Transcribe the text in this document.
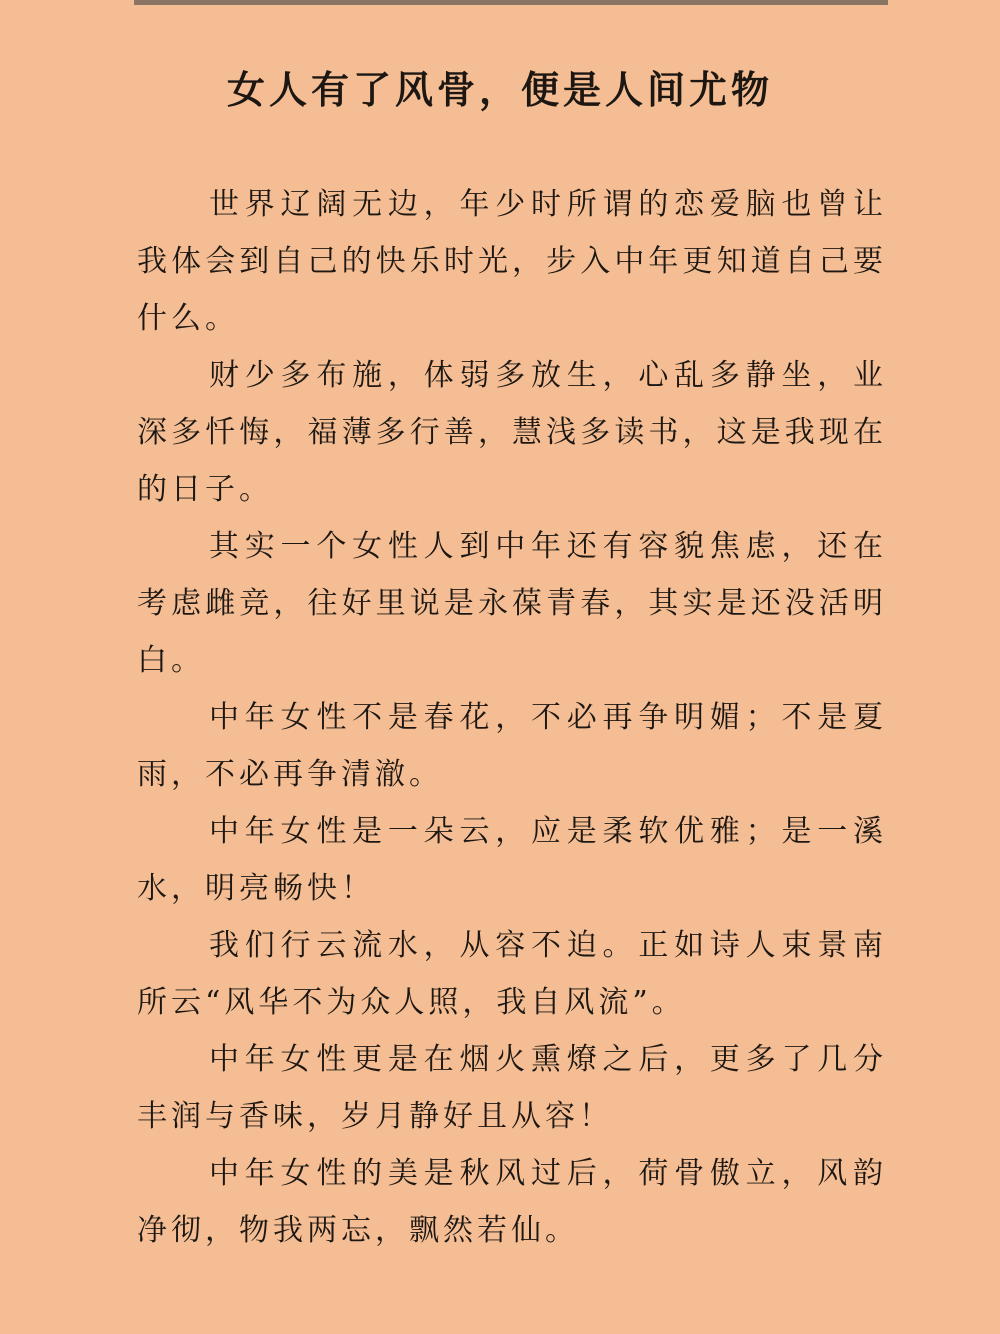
女人有了风骨，便是人间尤物

世界辽阔无边，年少时所谓的恋爱脑也曾让我体会到自己的快乐时光，步入中年更知道自己要什么。

财少多布施，体弱多放生，心乱多静坐，业深多忏悔，福薄多行善，慧浅多读书，这是我现在的日子。

其实一个女性人到中年还有容貌焦虑，还在考虑雌竞，往好里说是永葆青春，其实是还没活明白。

中年女性不是春花，不必再争明媚；不是夏雨，不必再争清澈。

中年女性是一朵云，应是柔软优雅；是一溪水，明亮畅快！

我们行云流水，从容不迫。正如诗人束景南所云“风华不为众人照，我自风流”。

中年女性更是在烟火熏燎之后，更多了几分丰润与香味，岁月静好且从容！

中年女性的美是秋风过后，荷骨傲立，风韵净彻，物我两忘，飘然若仙。
